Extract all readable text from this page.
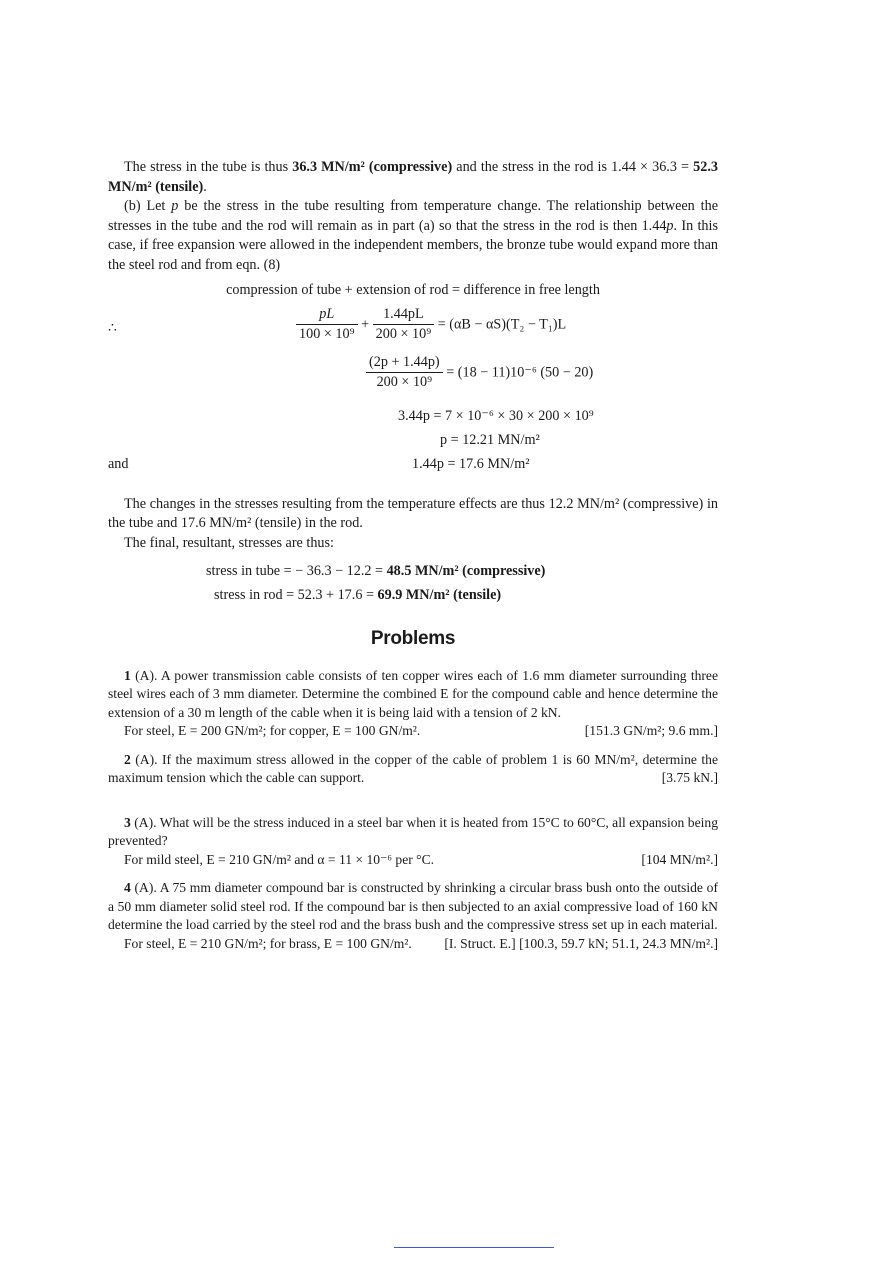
The stress in the tube is thus 36.3 MN/m² (compressive) and the stress in the rod is 1.44 × 36.3 = 52.3 MN/m² (tensile).

(b) Let p be the stress in the tube resulting from temperature change. The relationship between the stresses in the tube and the rod will remain as in part (a) so that the stress in the rod is then 1.44p. In this case, if free expansion were allowed in the independent members, the bronze tube would expand more than the steel rod and from eqn. (8)

compression of tube + extension of rod = difference in free length
∴	$\frac{pL}{\text{100 × 10⁹}} + \frac{1.44pL}{\text{200 × 10⁹}} = (\alpha B - \alpha S)(T_2 - T_1)L$
$\frac{(2p + 1.44p)}{\text{200 × 10⁹}} = (18 - 11)10^{-6}$ (50 − 20)
3.44p = 7 × 10⁻⁶ × 30 × 200 × 10⁹
p = 12.21 MN/m²
and	1.44p = 17.6 MN/m²

The changes in the stresses resulting from the temperature effects are thus 12.2 MN/m² (compressive) in the tube and 17.6 MN/m² (tensile) in the rod.

The final, resultant, stresses are thus:

stress in tube = − 36.3 − 12.2 = 48.5 MN/m² (compressive)
stress in rod = 52.3 + 17.6 = 69.9 MN/m² (tensile)
Problems
1 (A). A power transmission cable consists of ten copper wires each of 1.6 mm diameter surrounding three steel wires each of 3 mm diameter. Determine the combined E for the compound cable and hence determine the extension of a 30 m length of the cable when it is being laid with a tension of 2 kN.
For steel, E = 200 GN/m²; for copper, E = 100 GN/m².	[151.3 GN/m²; 9.6 mm.]
2 (A). If the maximum stress allowed in the copper of the cable of problem 1 is 60 MN/m², determine the maximum tension which the cable can support.	[3.75 kN.]
3 (A). What will be the stress induced in a steel bar when it is heated from 15°C to 60°C, all expansion being prevented?
For mild steel, E = 210 GN/m² and α = 11 × 10⁻⁶ per °C.	[104 MN/m².]
4 (A). A 75 mm diameter compound bar is constructed by shrinking a circular brass bush onto the outside of a 50 mm diameter solid steel rod. If the compound bar is then subjected to an axial compressive load of 160 kN determine the load carried by the steel rod and the brass bush and the compressive stress set up in each material.
For steel, E = 210 GN/m²; for brass, E = 100 GN/m². [I. Struct. E.] [100.3, 59.7 kN; 51.1, 24.3 MN/m².]
